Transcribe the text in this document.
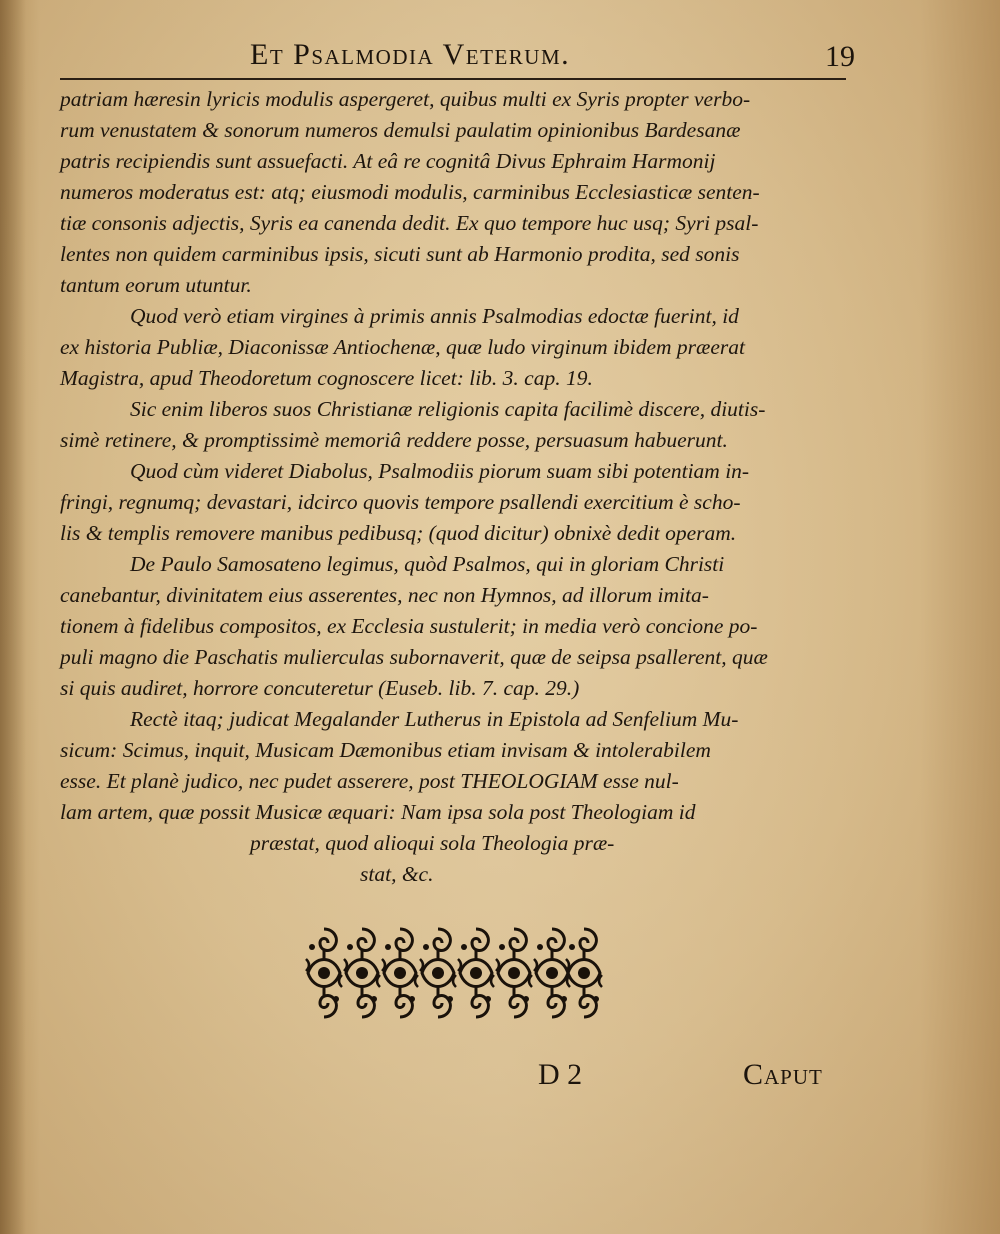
Et Psalmodia Veterum.	19
patriam hæresin lyricis modulis aspergeret, quibus multi ex Syris propter verbo-
rum venustatem & sonorum numeros demulsi paulatim opinionibus Bardesanæ
patris recipiendis sunt assuefacti. At eâ re cognitâ Divus Ephraim Harmonij
numeros moderatus est: atq; eiusmodi modulis, carminibus Ecclesiasticæ senten-
tiæ consonis adjectis, Syris ea canenda dedit. Ex quo tempore huc usq; Syri psal-
lentes non quidem carminibus ipsis, sicuti sunt ab Harmonio prodita, sed sonis
tantum eorum utuntur.
Quod verò etiam virgines à primis annis Psalmodias edoctæ fuerint, id
ex historia Publiæ, Diaconissæ Antiochenæ, quæ ludo virginum ibidem præerat
Magistra, apud Theodoretum cognoscere licet: lib. 3. cap. 19.
Sic enim liberos suos Christianæ religionis capita facilimè discere, diutis-
simè retinere, & promptissimè memoriâ reddere posse, persuasum habuerunt.
Quod cùm videret Diabolus, Psalmodiis piorum suam sibi potentiam in-
fringi, regnumq; devastari, idcirco quovis tempore psallendi exercitium è scho-
lis & templis removere manibus pedibusq; (quod dicitur) obnixè dedit operam.
De Paulo Samosateno legimus, quòd Psalmos, qui in gloriam Christi
canebantur, divinitatem eius asserentes, nec non Hymnos, ad illorum imita-
tionem à fidelibus compositos, ex Ecclesia sustulerit; in media verò concione po-
puli magno die Paschatis mulierculas subornaverit, quæ de seipsa psallerent, quæ
si quis audiret, horrore concuteretur (Euseb. lib. 7. cap. 29.)
Rectè itaq; judicat Megalander Lutherus in Epistola ad Senfelium Mu-
sicum: Scimus, inquit, Musicam Dæmonibus etiam invisam & intolerabilem
esse. Et planè judico, nec pudet asserere, post THEOLOGIAM esse nul-
lam artem, quæ possit Musicæ æquari: Nam ipsa sola post Theologiam id
præstat, quod alioqui sola Theologia præ-
stat, &c.
D 2	Caput
